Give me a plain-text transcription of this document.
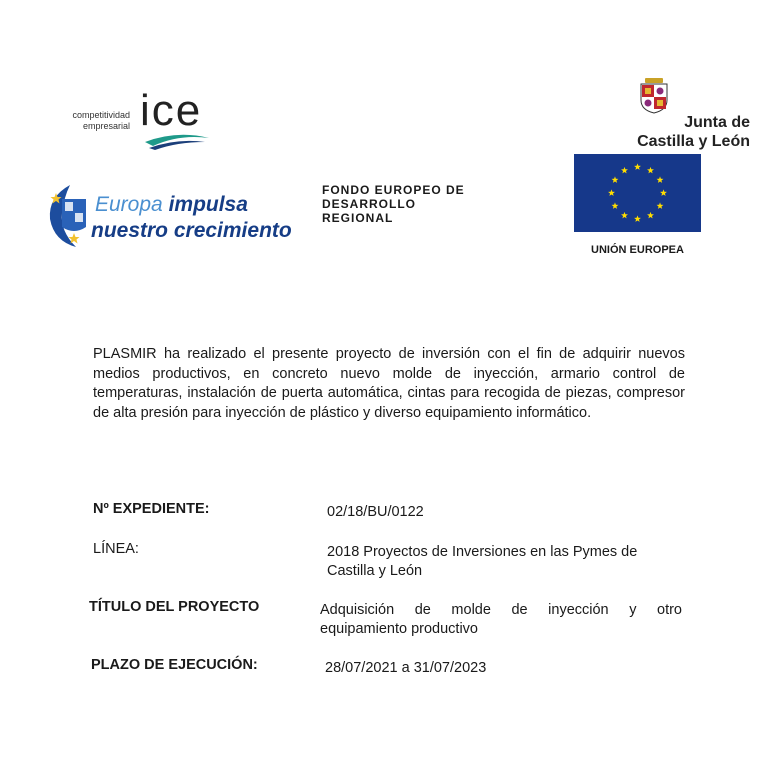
competitividad
empresarial ice	Junta de
Castilla y León
Europa impulsa
nuestro crecimiento
FONDO EUROPEO DE
DESARROLLO
REGIONAL
UNIÓN EUROPEA
PLASMIR ha realizado el presente proyecto de inversión con el fin de adquirir nuevos medios productivos, en concreto nuevo molde de inyección, armario control de temperaturas, instalación de puerta automática, cintas para recogida de piezas, compresor de alta presión para inyección de plástico y diverso equipamiento informático.
Nº EXPEDIENTE:	02/18/BU/0122
LÍNEA:	2018 Proyectos de Inversiones en las Pymes de
Castilla y León
TÍTULO DEL PROYECTO	Adquisición de molde de inyección y otro
equipamiento productivo
PLAZO DE EJECUCIÓN:	28/07/2021 a 31/07/2023
